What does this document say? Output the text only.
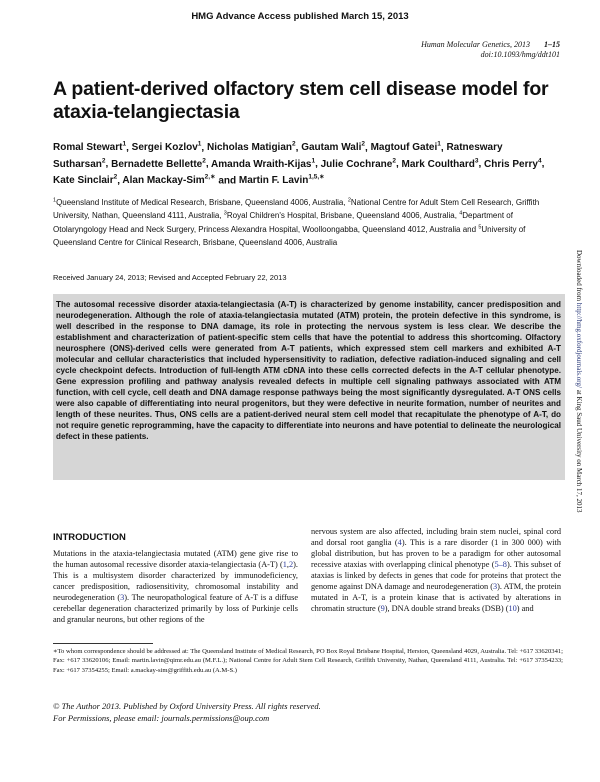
HMG Advance Access published March 15, 2013
Human Molecular Genetics, 2013 1–15
doi:10.1093/hmg/ddt101
A patient-derived olfactory stem cell disease model for ataxia-telangiectasia
Romal Stewart$^1$, Sergei Kozlov$^1$, Nicholas Matigian$^2$, Gautam Wali$^2$, Magtouf Gatei$^1$, Ratneswary Sutharsan$^2$, Bernadette Bellette$^2$, Amanda Wraith-Kijas$^1$, Julie Cochrane$^2$, Mark Coulthard$^3$, Chris Perry$^4$, Kate Sinclair$^2$, Alan Mackay-Sim$^{2,∗}$ and Martin F. Lavin$^{1,5,∗}$
$^1$Queensland Institute of Medical Research, Brisbane, Queensland 4006, Australia, $^2$National Centre for Adult Stem Cell Research, Griffith University, Nathan, Queensland 4111, Australia, $^3$Royal Children's Hospital, Brisbane, Queensland 4006, Australia, $^4$Department of Otolaryngology Head and Neck Surgery, Princess Alexandra Hospital, Woolloongabba, Queensland 4012, Australia and $^5$University of Queensland Centre for Clinical Research, Brisbane, Queensland 4006, Australia
Received January 24, 2013; Revised and Accepted February 22, 2013	Downloaded from http://hmg.oxfordjournals.org/ at King Saud University on March 17, 2013
The autosomal recessive disorder ataxia-telangiectasia (A-T) is characterized by genome instability, cancer predisposition and neurodegeneration. Although the role of ataxia-telangiectasia mutated (ATM) protein, the protein defective in this syndrome, is well described in the response to DNA damage, its role in protecting the nervous system is less clear. We describe the establishment and characterization of patient-specific stem cells that have the potential to address this shortcoming. Olfactory neurosphere (ONS)-derived cells were generated from A-T patients, which expressed stem cell markers and exhibited A-T molecular and cellular characteristics that included hypersensitivity to radiation, defective radiation-induced signaling and cell cycle checkpoint defects. Introduction of full-length ATM cDNA into these cells corrected defects in the A-T cellular phenotype. Gene expression profiling and pathway analysis revealed defects in multiple cell signaling pathways associated with ATM function, with cell cycle, cell death and DNA damage response pathways being the most significantly dysregulated. A-T ONS cells were also capable of differentiating into neural progenitors, but they were defective in neurite formation, number of neurites and length of these neurites. Thus, ONS cells are a patient-derived neural stem cell model that recapitulate the phenotype of A-T, do not require genetic reprogramming, have the capacity to differentiate into neurons and have potential to delineate the neurological defect in these patients.
INTRODUCTION
Mutations in the ataxia-telangiectasia mutated (ATM) gene give rise to the human autosomal recessive disorder ataxia-telangiectasia (A-T) (1,2). This is a multisystem disorder characterized by immunodeficiency, cancer predisposition, radiosensitivity, chromosomal instability and neurodegeneration (3). The neuropathological feature of A-T is a diffuse cerebellar degeneration characterized primarily by loss of Purkinje cells and granular neurons, but other regions of the
nervous system are also affected, including brain stem nuclei, spinal cord and dorsal root ganglia (4). This is a rare disorder (1 in 300 000) with global distribution, but has proven to be a paradigm for other autosomal recessive ataxias with overlapping clinical phenotype (5–8). This subset of ataxias is linked by defects in genes that code for proteins that protect the genome against DNA damage and neurodegeneration (3). ATM, the protein mutated in A-T, is a protein kinase that is activated by alterations in chromatin structure (9), DNA double strand breaks (DSB) (10) and
∗To whom correspondence should be addressed at: The Queensland Institute of Medical Research, PO Box Royal Brisbane Hospital, Herston, Queensland 4029, Australia. Tel: +617 33620341; Fax: +617 33620106; Email: martin.lavin@qimr.edu.au (M.F.L.); National Centre for Adult Stem Cell Research, Griffith University, Nathan, Queensland 4111, Australia. Tel: +617 37354233; Fax: +617 37354255; Email: a.mackay-sim@griffith.edu.au (A.M-S.)
© The Author 2013. Published by Oxford University Press. All rights reserved.
For Permissions, please email: journals.permissions@oup.com
